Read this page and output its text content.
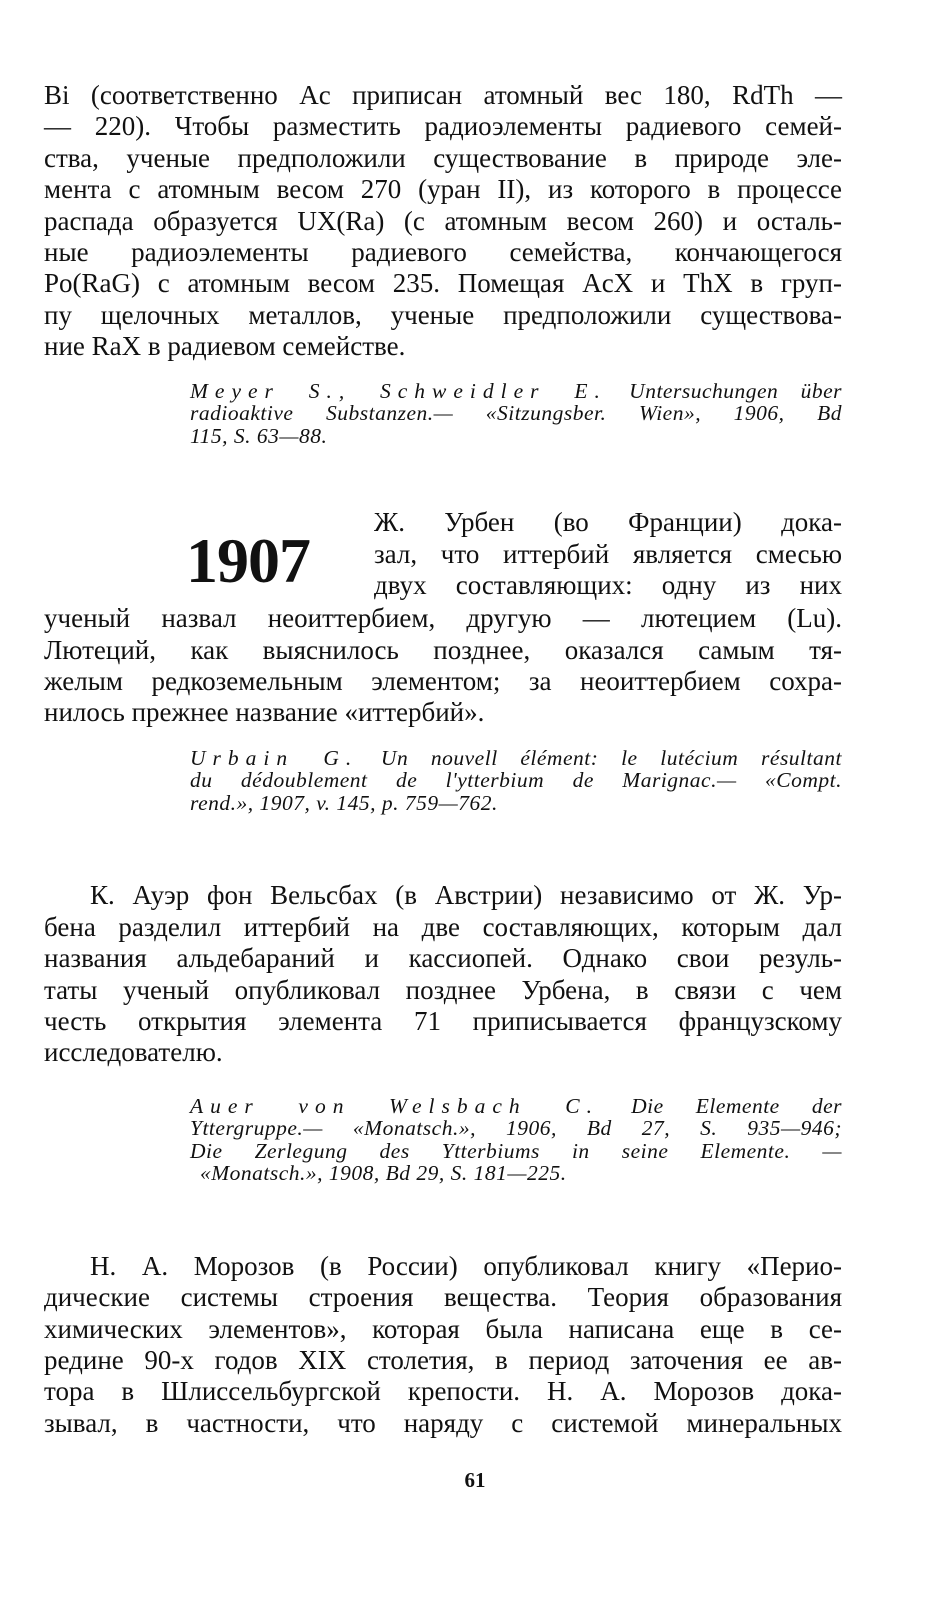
Bi (соответственно Ac приписан атомный вес 180, RdTh —
— 220). Чтобы разместить радиоэлементы радиевого семей-
ства, ученые предположили существование в природе эле-
мента с атомным весом 270 (уран II), из которого в процессе
распада образуется UX(Ra) (с атомным весом 260) и осталь-
ные радиоэлементы радиевого семейства, кончающегося
Po(RaG) с атомным весом 235. Помещая AcX и ThX в груп-
пу щелочных металлов, ученые предположили существова-
ние RaX в радиевом семействе.
Meyer S., Schweidler E. Untersuchungen über
radioaktive Substanzen.— «Sitzungsber. Wien», 1906, Bd
115, S. 63—88.
1907
Ж. Урбен (во Франции) дока-
зал, что иттербий является смесью
двух составляющих: одну из них
ученый назвал неоиттербием, другую — лютецием (Lu).
Лютеций, как выяснилось позднее, оказался самым тя-
желым редкоземельным элементом; за неоиттербием сохра-
нилось прежнее название «иттербий».
Urbain G. Un nouvell élément: le lutécium résultant
du dédoublement de l'ytterbium de Marignac.— «Compt.
rend.», 1907, v. 145, p. 759—762.
К. Ауэр фон Вельсбах (в Австрии) независимо от Ж. Ур-
бена разделил иттербий на две составляющих, которым дал
названия альдебараний и кассиопей. Однако свои резуль-
таты ученый опубликовал позднее Урбена, в связи с чем
честь открытия элемента 71 приписывается французскому
исследователю.
Auer von Welsbach C. Die Elemente der
Yttergruppe.— «Monatsch.», 1906, Bd 27, S. 935—946;
Die Zerlegung des Ytterbiums in seine Elemente. —
«Monatsch.», 1908, Bd 29, S. 181—225.
Н. А. Морозов (в России) опубликовал книгу «Перио-
дические системы строения вещества. Теория образования
химических элементов», которая была написана еще в се-
редине 90-х годов XIX столетия, в период заточения ее ав-
тора в Шлиссельбургской крепости. Н. А. Морозов дока-
зывал, в частности, что наряду с системой минеральных
61
